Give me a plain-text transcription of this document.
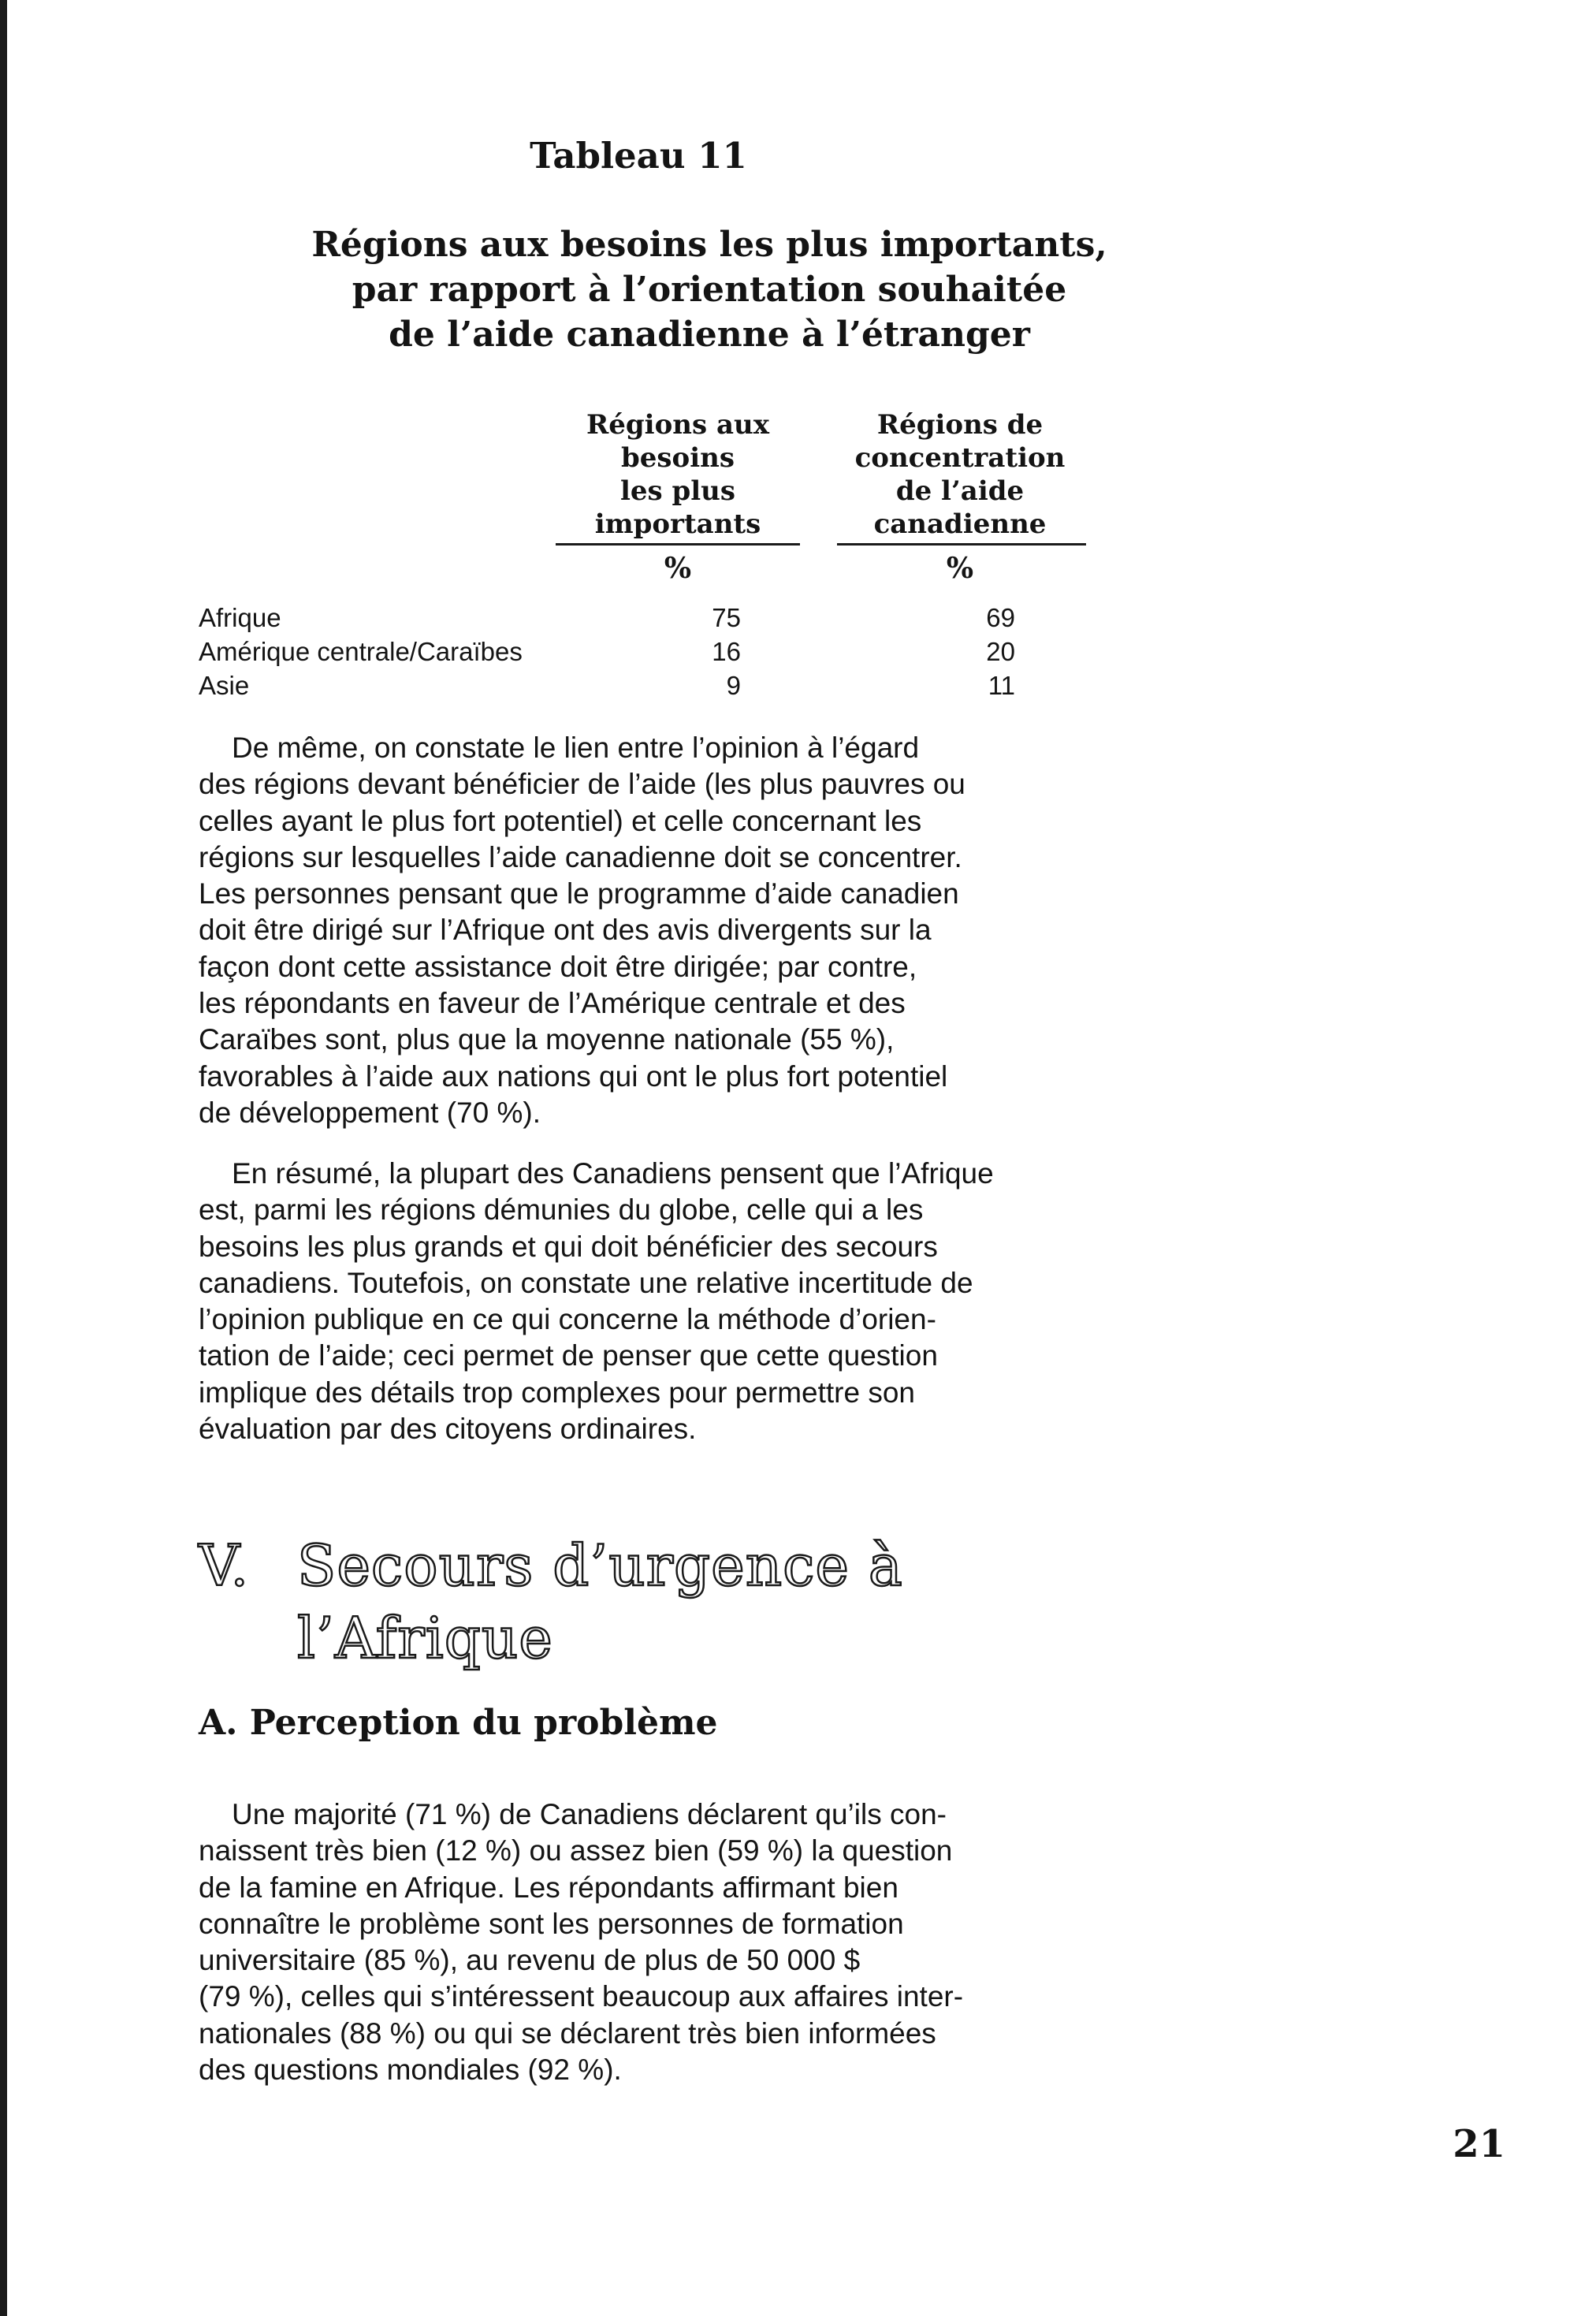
Tableau 11
Régions aux besoins les plus importants,
par rapport à l’orientation souhaitée
de l’aide canadienne à l’étranger
Régions aux
besoins
les plus
importants
Régions de
concentration
de l’aide
canadienne
%	%
Afrique	75	69
Amérique centrale/Caraïbes	16	20
Asie	9	11

De même, on constate le lien entre l’opinion à l’égard
des régions devant bénéficier de l’aide (les plus pauvres ou
celles ayant le plus fort potentiel) et celle concernant les
régions sur lesquelles l’aide canadienne doit se concentrer.
Les personnes pensant que le programme d’aide canadien
doit être dirigé sur l’Afrique ont des avis divergents sur la
façon dont cette assistance doit être dirigée; par contre,
les répondants en faveur de l’Amérique centrale et des
Caraïbes sont, plus que la moyenne nationale (55 %),
favorables à l’aide aux nations qui ont le plus fort potentiel
de développement (70 %).

En résumé, la plupart des Canadiens pensent que l’Afrique
est, parmi les régions démunies du globe, celle qui a les
besoins les plus grands et qui doit bénéficier des secours
canadiens. Toutefois, on constate une relative incertitude de
l’opinion publique en ce qui concerne la méthode d’orien-
tation de l’aide; ceci permet de penser que cette question
implique des détails trop complexes pour permettre son
évaluation par des citoyens ordinaires.

V. Secours d’urgence à
l’Afrique
A. Perception du problème

Une majorité (71 %) de Canadiens déclarent qu’ils con-
naissent très bien (12 %) ou assez bien (59 %) la question
de la famine en Afrique. Les répondants affirmant bien
connaître le problème sont les personnes de formation
universitaire (85 %), au revenu de plus de 50 000 $
(79 %), celles qui s’intéressent beaucoup aux affaires inter-
nationales (88 %) ou qui se déclarent très bien informées
des questions mondiales (92 %).

21
